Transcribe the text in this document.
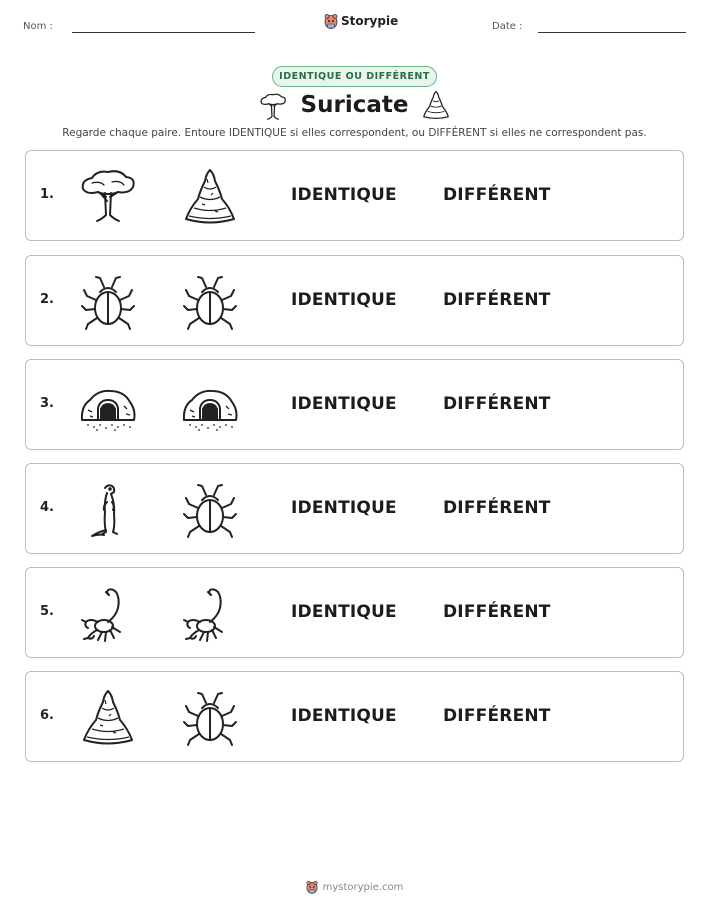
Nom :	Storypie	Date :
IDENTIQUE OU DIFFÉRENT
Suricate
Regarde chaque paire. Entoure IDENTIQUE si elles correspondent, ou DIFFÉRENT si elles ne correspondent pas.
1.	IDENTIQUE	DIFFÉRENT
2.	IDENTIQUE	DIFFÉRENT
3.	IDENTIQUE	DIFFÉRENT
4.	IDENTIQUE	DIFFÉRENT
5.	IDENTIQUE	DIFFÉRENT
6.	IDENTIQUE	DIFFÉRENT
mystorypie.com
